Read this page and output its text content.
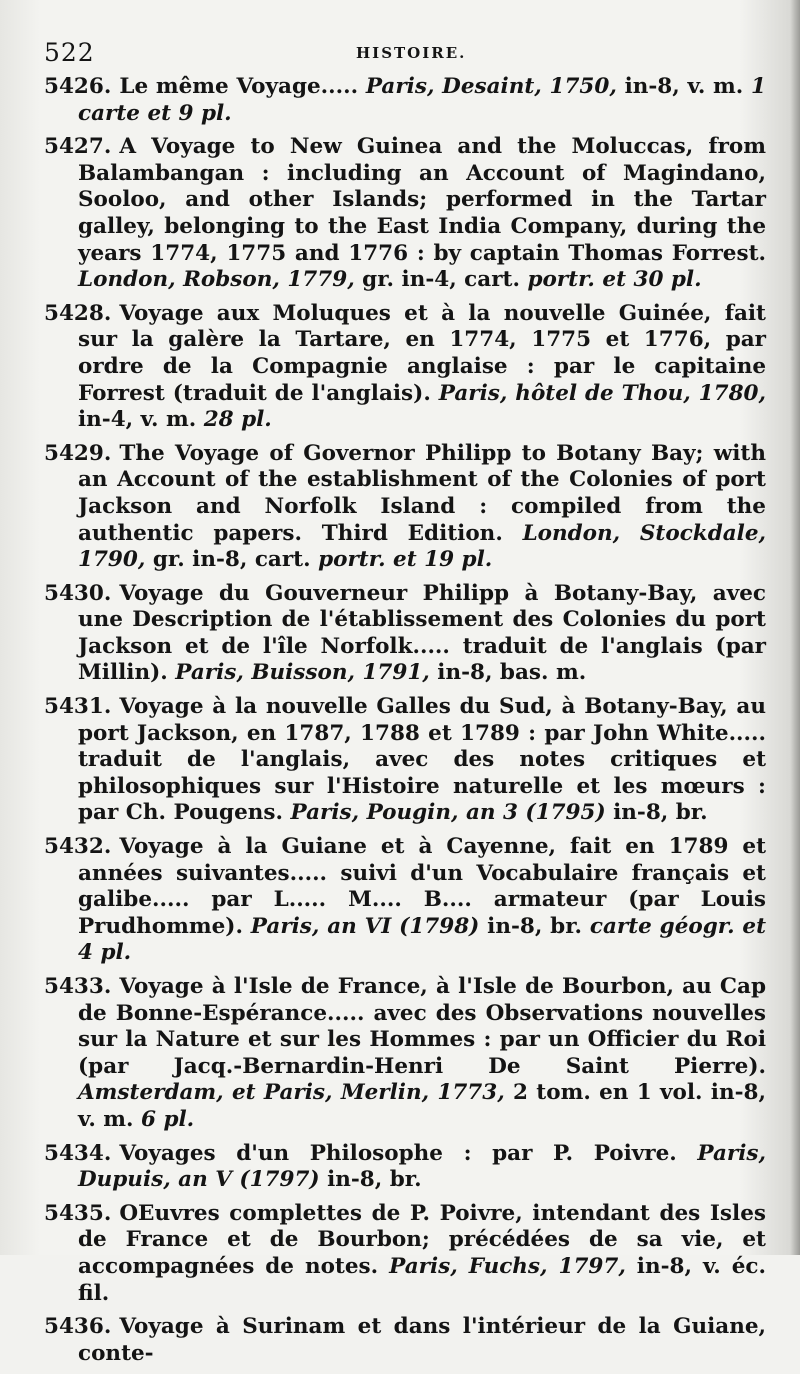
522	HISTOIRE.

5426. Le même Voyage..... Paris, Desaint, 1750, in-8, v. m. 1 carte et 9 pl.

5427. A Voyage to New Guinea and the Moluccas, from Balambangan : including an Account of Magindano, Sooloo, and other Islands; performed in the Tartar galley, belonging to the East India Company, during the years 1774, 1775 and 1776 : by captain Thomas Forrest. London, Robson, 1779, gr. in-4, cart. portr. et 30 pl.

5428. Voyage aux Moluques et à la nouvelle Guinée, fait sur la galère la Tartare, en 1774, 1775 et 1776, par ordre de la Compagnie anglaise : par le capitaine Forrest (traduit de l'anglais). Paris, hôtel de Thou, 1780, in-4, v. m. 28 pl.

5429. The Voyage of Governor Philipp to Botany Bay; with an Account of the establishment of the Colonies of port Jackson and Norfolk Island : compiled from the authentic papers. Third Edition. London, Stockdale, 1790, gr. in-8, cart. portr. et 19 pl.

5430. Voyage du Gouverneur Philipp à Botany-Bay, avec une Description de l'établissement des Colonies du port Jackson et de l'île Norfolk..... traduit de l'anglais (par Millin). Paris, Buisson, 1791, in-8, bas. m.

5431. Voyage à la nouvelle Galles du Sud, à Botany-Bay, au port Jackson, en 1787, 1788 et 1789 : par John White..... traduit de l'anglais, avec des notes critiques et philosophiques sur l'Histoire naturelle et les mœurs : par Ch. Pougens. Paris, Pougin, an 3 (1795) in-8, br.

5432. Voyage à la Guiane et à Cayenne, fait en 1789 et années suivantes..... suivi d'un Vocabulaire français et galibe..... par L..... M.... B.... armateur (par Louis Prudhomme). Paris, an VI (1798) in-8, br. carte géogr. et 4 pl.

5433. Voyage à l'Isle de France, à l'Isle de Bourbon, au Cap de Bonne-Espérance..... avec des Observations nouvelles sur la Nature et sur les Hommes : par un Officier du Roi (par Jacq.-Bernardin-Henri De Saint Pierre). Amsterdam, et Paris, Merlin, 1773, 2 tom. en 1 vol. in-8, v. m. 6 pl.

5434. Voyages d'un Philosophe : par P. Poivre. Paris, Dupuis, an V (1797) in-8, br.

5435. OEuvres complettes de P. Poivre, intendant des Isles de France et de Bourbon; précédées de sa vie, et accompagnées de notes. Paris, Fuchs, 1797, in-8, v. éc. fil.

5436. Voyage à Surinam et dans l'intérieur de la Guiane, conte-
